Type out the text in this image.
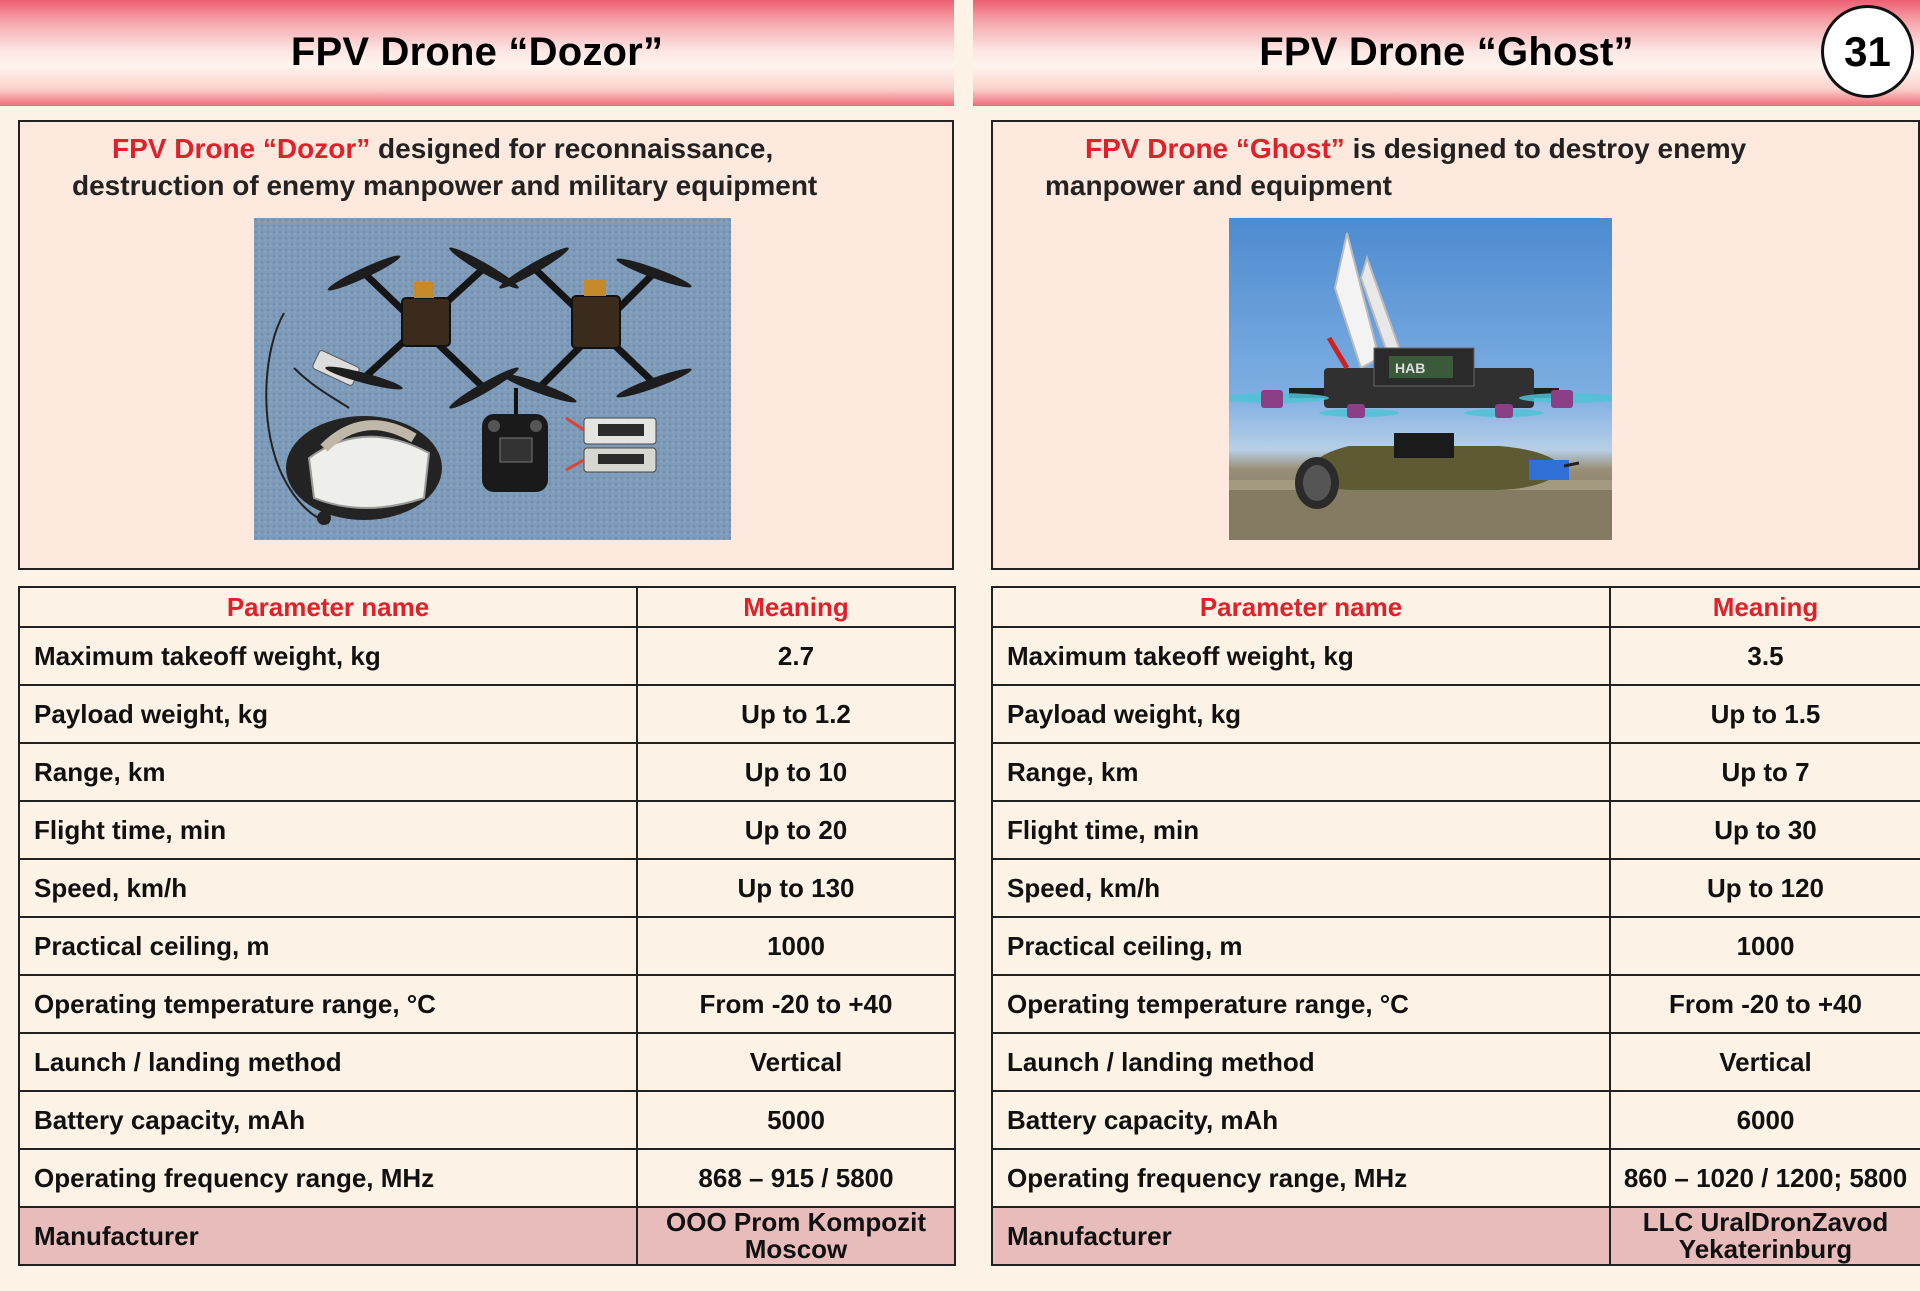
FPV Drone “Dozor”
FPV Drone “Dozor” designed for reconnaissance, destruction of enemy manpower and military equipment
Parameter name	Meaning
Maximum takeoff weight, kg	2.7
Payload weight, kg	Up to 1.2
Range, km	Up to 10
Flight time, min	Up to 20
Speed, km/h	Up to 130
Practical ceiling, m	1000
Operating temperature range, °C	From -20 to +40
Launch / landing method	Vertical
Battery capacity, mAh	5000
Operating frequency range, MHz	868 – 915 / 5800
Manufacturer	OOO Prom Kompozit
Moscow
FPV Drone “Ghost”	31
FPV Drone “Ghost” is designed to destroy enemy manpower and equipment
HAB
Parameter name	Meaning
Maximum takeoff weight, kg	3.5
Payload weight, kg	Up to 1.5
Range, km	Up to 7
Flight time, min	Up to 30
Speed, km/h	Up to 120
Practical ceiling, m	1000
Operating temperature range, °C	From -20 to +40
Launch / landing method	Vertical
Battery capacity, mAh	6000
Operating frequency range, MHz	860 – 1020 / 1200; 5800
Manufacturer	LLC UralDronZavod
Yekaterinburg
